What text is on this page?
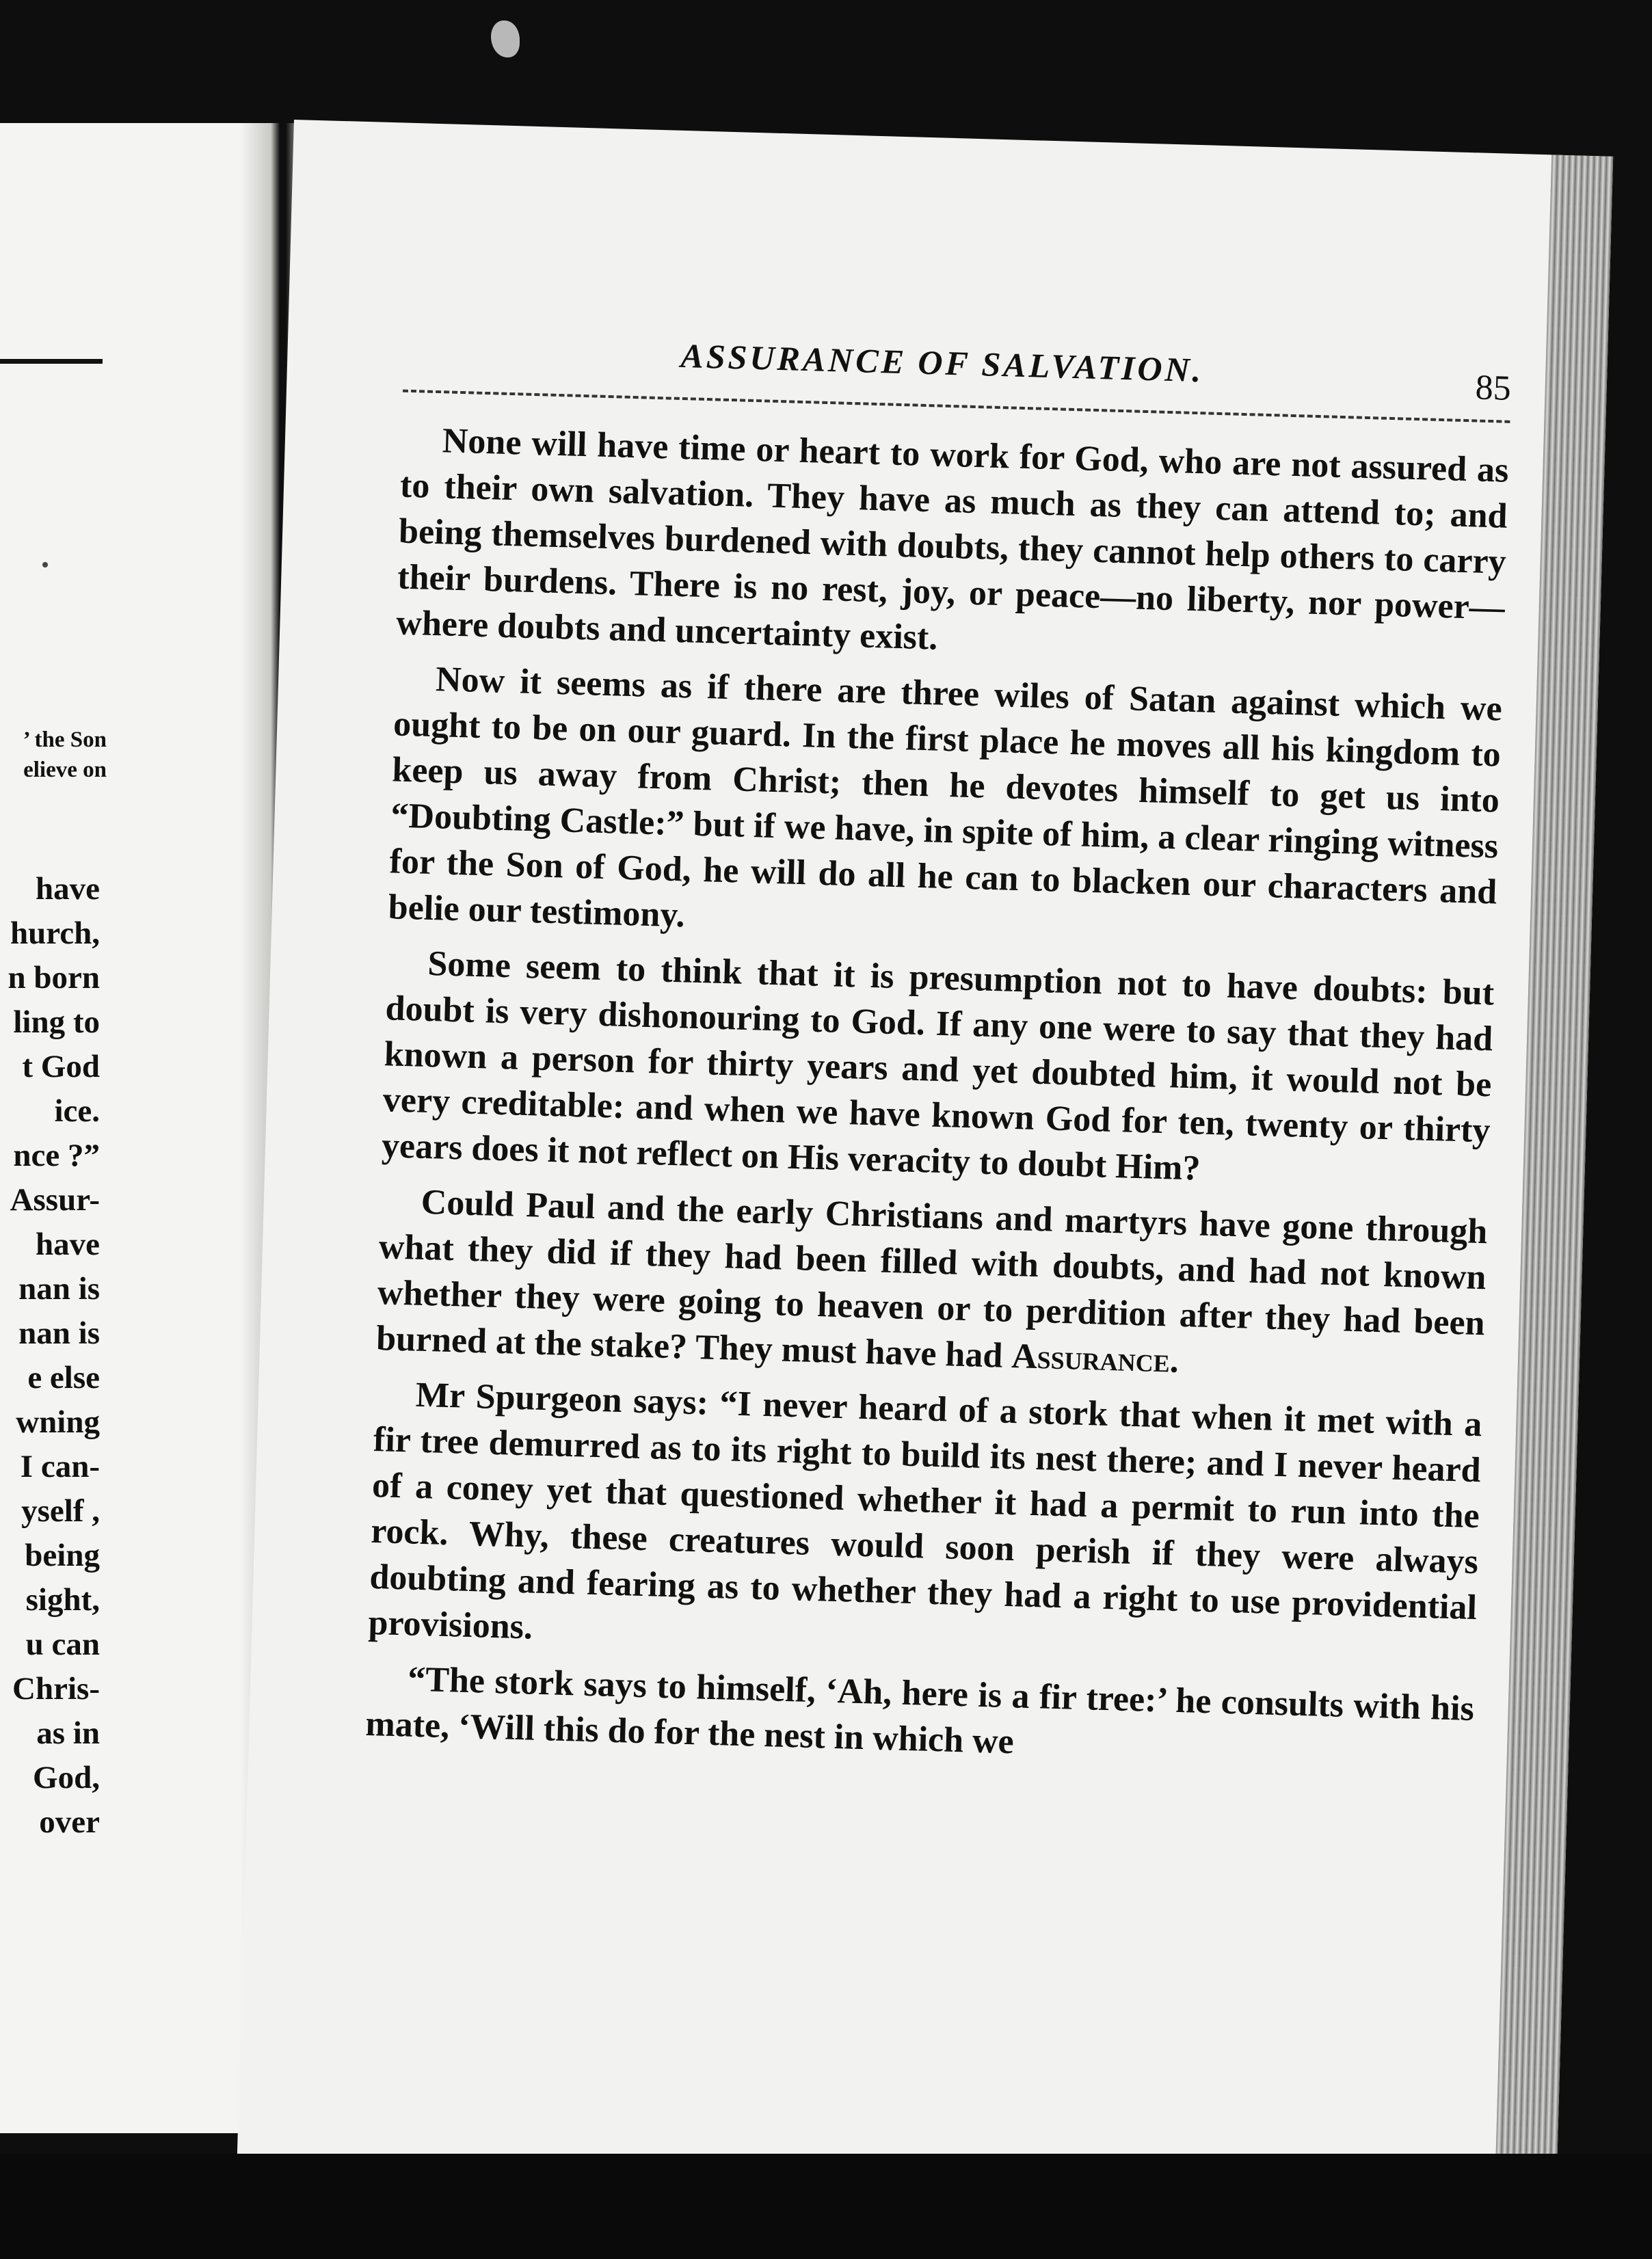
’ the Son
elieve on
have
hurch,
n born
ling to
t God
ice.
nce ?”
Assur-
have
nan is
nan is
e else
wning
I can-
yself ,
being
sight,
u can
Chris-
as in
God,
over
ASSURANCE OF SALVATION.	85

None will have time or heart to work for God, who are not assured as to their own salvation. They have as much as they can attend to; and being themselves burdened with doubts, they cannot help others to carry their burdens. There is no rest, joy, or peace—no liberty, nor power—where doubts and uncertainty exist.

Now it seems as if there are three wiles of Satan against which we ought to be on our guard. In the first place he moves all his kingdom to keep us away from Christ; then he devotes himself to get us into “Doubting Castle:” but if we have, in spite of him, a clear ringing witness for the Son of God, he will do all he can to blacken our characters and belie our testimony.

Some seem to think that it is presumption not to have doubts: but doubt is very dishonouring to God. If any one were to say that they had known a person for thirty years and yet doubted him, it would not be very creditable: and when we have known God for ten, twenty or thirty years does it not reflect on His veracity to doubt Him?

Could Paul and the early Christians and martyrs have gone through what they did if they had been filled with doubts, and had not known whether they were going to heaven or to perdition after they had been burned at the stake? They must have had Assurance.

Mr Spurgeon says: “I never heard of a stork that when it met with a fir tree demurred as to its right to build its nest there; and I never heard of a coney yet that questioned whether it had a permit to run into the rock. Why, these creatures would soon perish if they were always doubting and fearing as to whether they had a right to use providential provisions.

“The stork says to himself, ‘Ah, here is a fir tree:’ he consults with his mate, ‘Will this do for the nest in which we
